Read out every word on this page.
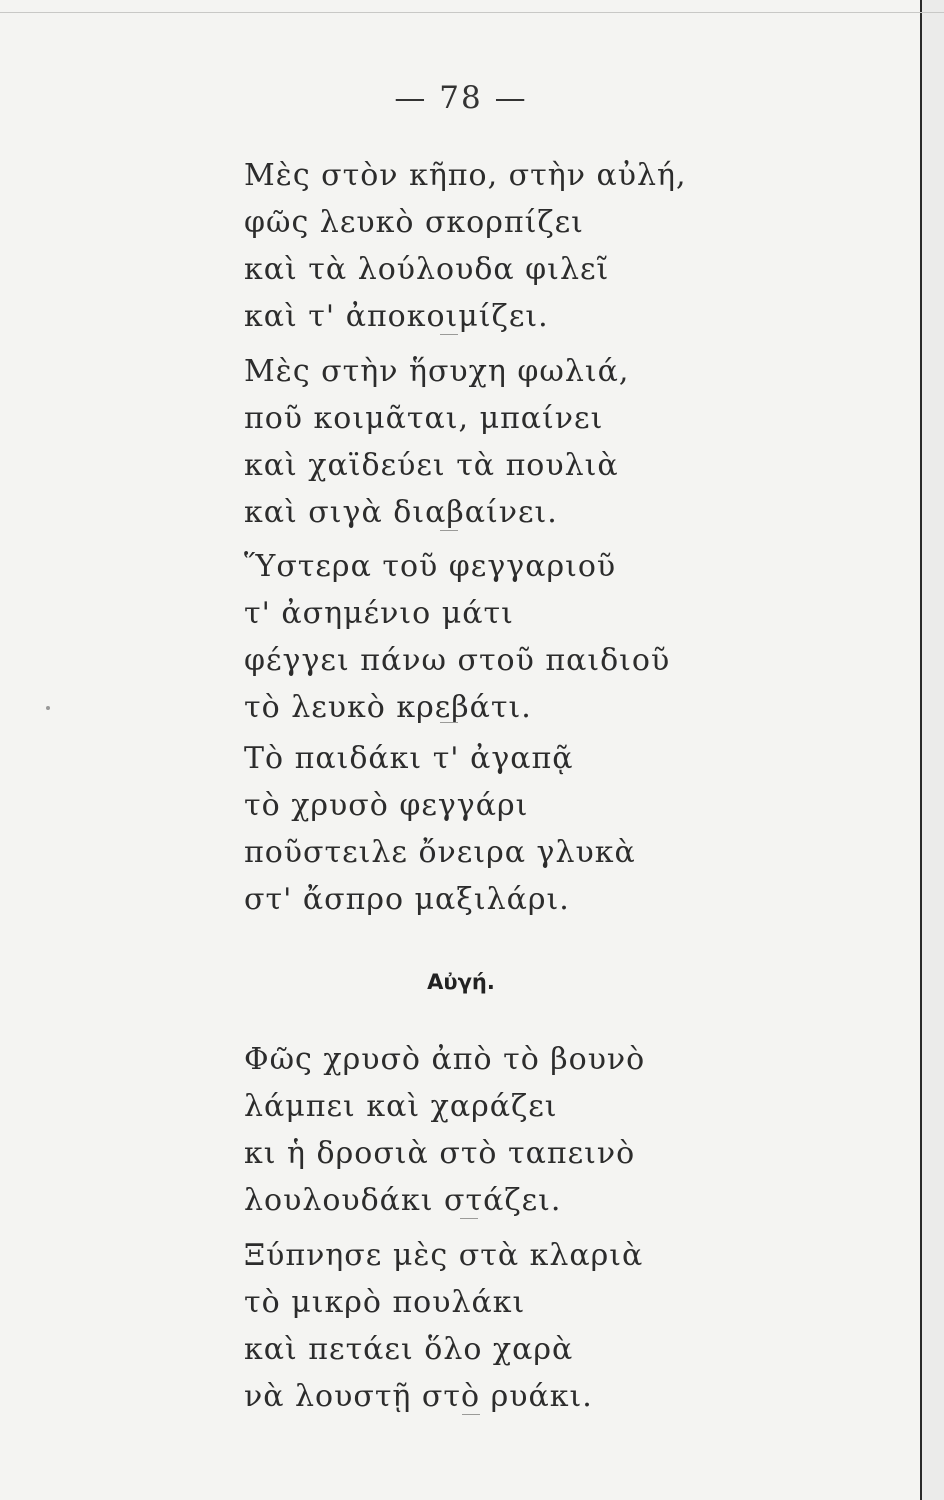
— 78 —
Μὲς στὸν κῆπο, στὴν αὐλή,
φῶς λευκὸ σκορπίζει
καὶ τὰ λούλουδα φιλεῖ
καὶ τ' ἀποκοιμίζει.
Μὲς στὴν ἥσυχη φωλιά,
ποῦ κοιμᾶται, μπαίνει
καὶ χαϊδεύει τὰ πουλιὰ
καὶ σιγὰ διαβαίνει.
Ὕστερα τοῦ φεγγαριοῦ
τ' ἀσημένιο μάτι
φέγγει πάνω στοῦ παιδιοῦ
τὸ λευκὸ κρεβάτι.
Τὸ παιδάκι τ' ἀγαπᾷ
τὸ χρυσὸ φεγγάρι
ποῦστειλε ὄνειρα γλυκὰ
στ' ἄσπρο μαξιλάρι.
Αὐγή.
Φῶς χρυσὸ ἀπὸ τὸ βουνὸ
λάμπει καὶ χαράζει
κι ἡ δροσιὰ στὸ ταπεινὸ
λουλουδάκι στάζει.
Ξύπνησε μὲς στὰ κλαριὰ
τὸ μικρὸ πουλάκι
καὶ πετάει ὅλο χαρὰ
νὰ λουστῇ στὸ ρυάκι.
